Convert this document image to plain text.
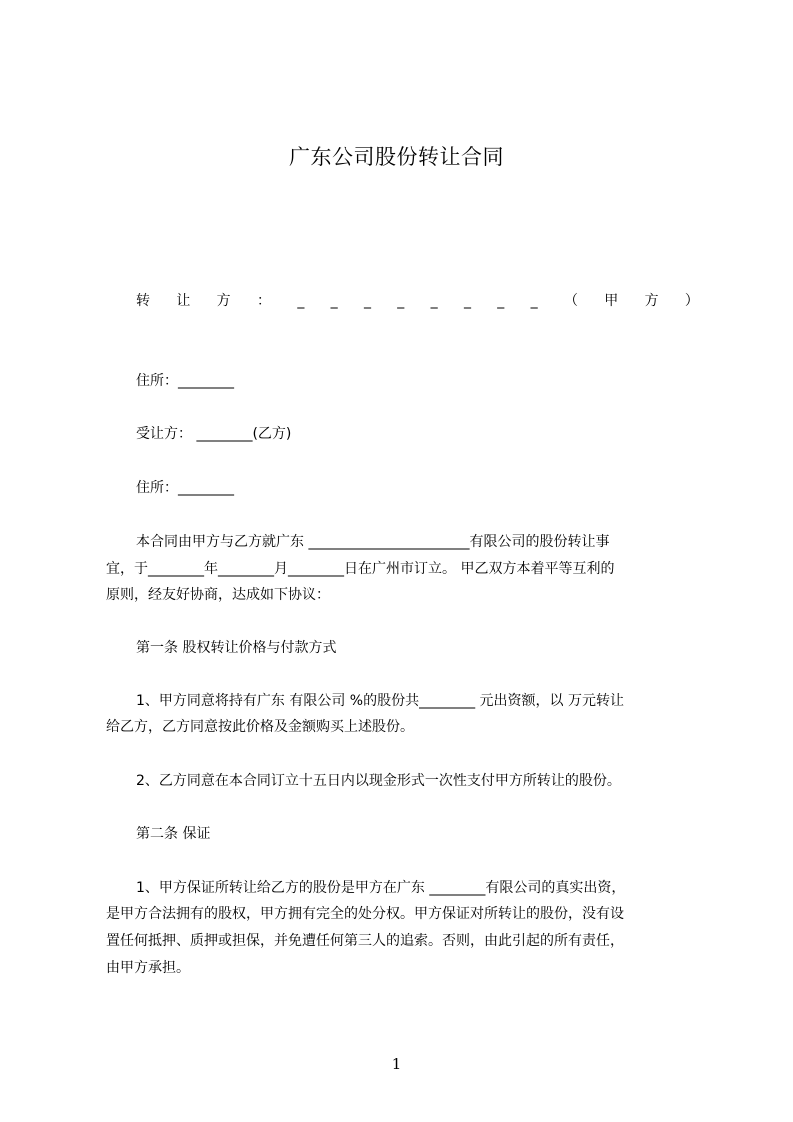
广东公司股份转让合同
转 让 方 ： _ _ _ _ _ _ _ _ （ 甲 方 ）
住所：________
受让方： ________(乙方)
住所：________
本合同由甲方与乙方就广东 _______________________有限公司的股份转让事
宜，于________年________月________日在广州市订立。 甲乙双方本着平等互利的
原则，经友好协商，达成如下协议：
第一条 股权转让价格与付款方式
1、甲方同意将持有广东 有限公司 %的股份共________ 元出资额，以 万元转让
给乙方，乙方同意按此价格及金额购买上述股份。
2、乙方同意在本合同订立十五日内以现金形式一次性支付甲方所转让的股份。
第二条 保证
1、甲方保证所转让给乙方的股份是甲方在广东 ________有限公司的真实出资，
是甲方合法拥有的股权，甲方拥有完全的处分权。甲方保证对所转让的股份，没有设
置任何抵押、质押或担保，并免遭任何第三人的追索。否则，由此引起的所有责任，
由甲方承担。
1
